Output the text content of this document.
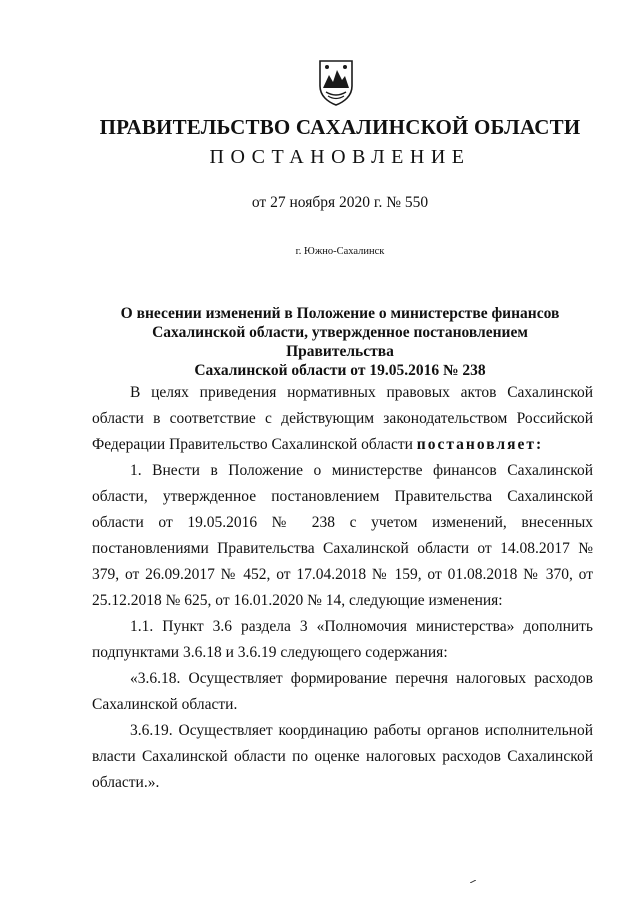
ПРАВИТЕЛЬСТВО САХАЛИНСКОЙ ОБЛАСТИ
ПОСТАНОВЛЕНИЕ
от 27 ноября 2020 г. № 550
г. Южно-Сахалинск
О внесении изменений в Положение о министерстве финансов
Сахалинской области, утвержденное постановлением Правительства
Сахалинской области от 19.05.2016 № 238

В целях приведения нормативных правовых актов Сахалинской области в соответствие с действующим законодательством Российской Федерации Правительство Сахалинской области постановляет:

1. Внести в Положение о министерстве финансов Сахалинской области, утвержденное постановлением Правительства Сахалинской области от 19.05.2016 № 238 с учетом изменений, внесенных постановлениями Правительства Сахалинской области от 14.08.2017 № 379, от 26.09.2017 № 452, от 17.04.2018 № 159, от 01.08.2018 № 370, от 25.12.2018 № 625, от 16.01.2020 № 14, следующие изменения:

1.1. Пункт 3.6 раздела 3 «Полномочия министерства» дополнить подпунктами 3.6.18 и 3.6.19 следующего содержания:

«3.6.18. Осуществляет формирование перечня налоговых расходов Сахалинской области.

3.6.19. Осуществляет координацию работы органов исполнительной власти Сахалинской области по оценке налоговых расходов Сахалинской области.».
